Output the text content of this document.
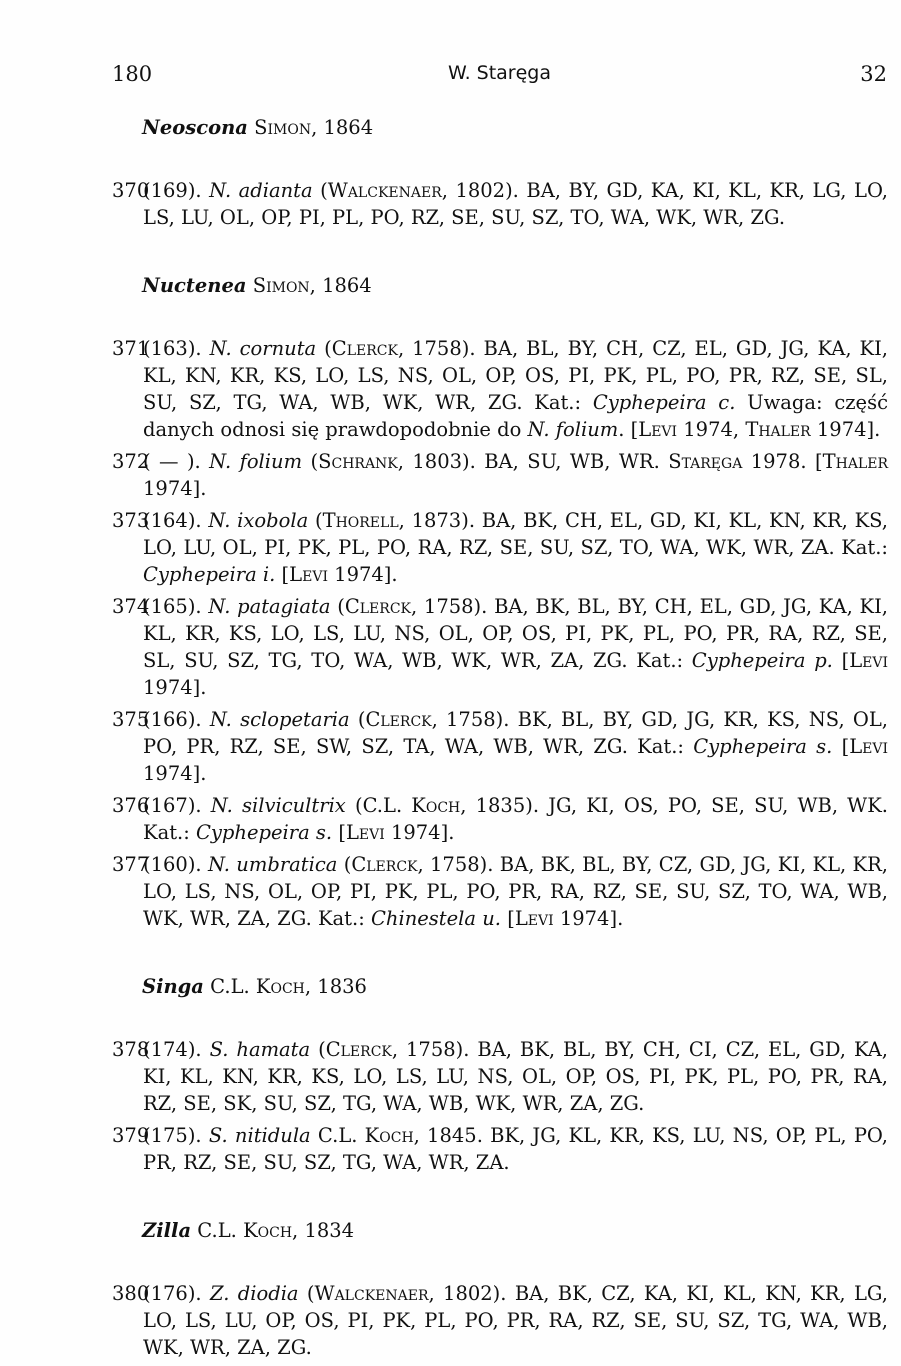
180	W. Staręga	32
Neoscona Simon, 1864
370
(169). N. adianta (Walckenaer, 1802). BA, BY, GD, KA, KI, KL, KR, LG, LO, LS, LU, OL, OP, PI, PL, PO, RZ, SE, SU, SZ, TO, WA, WK, WR, ZG.
Nuctenea Simon, 1864
371
(163). N. cornuta (Clerck, 1758). BA, BL, BY, CH, CZ, EL, GD, JG, KA, KI, KL, KN, KR, KS, LO, LS, NS, OL, OP, OS, PI, PK, PL, PO, PR, RZ, SE, SL, SU, SZ, TG, WA, WB, WK, WR, ZG. Kat.: Cyphepeira c. Uwaga: część danych odnosi się prawdopodobnie do N. folium. [Levi 1974, Thaler 1974].
372
( — ). N. folium (Schrank, 1803). BA, SU, WB, WR. Staręga 1978. [Thaler 1974].
373
(164). N. ixobola (Thorell, 1873). BA, BK, CH, EL, GD, KI, KL, KN, KR, KS, LO, LU, OL, PI, PK, PL, PO, RA, RZ, SE, SU, SZ, TO, WA, WK, WR, ZA. Kat.: Cyphepeira i. [Levi 1974].
374
(165). N. patagiata (Clerck, 1758). BA, BK, BL, BY, CH, EL, GD, JG, KA, KI, KL, KR, KS, LO, LS, LU, NS, OL, OP, OS, PI, PK, PL, PO, PR, RA, RZ, SE, SL, SU, SZ, TG, TO, WA, WB, WK, WR, ZA, ZG. Kat.: Cyphepeira p. [Levi 1974].
375
(166). N. sclopetaria (Clerck, 1758). BK, BL, BY, GD, JG, KR, KS, NS, OL, PO, PR, RZ, SE, SW, SZ, TA, WA, WB, WR, ZG. Kat.: Cyphepeira s. [Levi 1974].
376
(167). N. silvicultrix (C.L. Koch, 1835). JG, KI, OS, PO, SE, SU, WB, WK. Kat.: Cyphepeira s. [Levi 1974].
377
(160). N. umbratica (Clerck, 1758). BA, BK, BL, BY, CZ, GD, JG, KI, KL, KR, LO, LS, NS, OL, OP, PI, PK, PL, PO, PR, RA, RZ, SE, SU, SZ, TO, WA, WB, WK, WR, ZA, ZG. Kat.: Chinestela u. [Levi 1974].
Singa C.L. Koch, 1836
378
(174). S. hamata (Clerck, 1758). BA, BK, BL, BY, CH, CI, CZ, EL, GD, KA, KI, KL, KN, KR, KS, LO, LS, LU, NS, OL, OP, OS, PI, PK, PL, PO, PR, RA, RZ, SE, SK, SU, SZ, TG, WA, WB, WK, WR, ZA, ZG.
379
(175). S. nitidula C.L. Koch, 1845. BK, JG, KL, KR, KS, LU, NS, OP, PL, PO, PR, RZ, SE, SU, SZ, TG, WA, WR, ZA.
Zilla C.L. Koch, 1834
380
(176). Z. diodia (Walckenaer, 1802). BA, BK, CZ, KA, KI, KL, KN, KR, LG, LO, LS, LU, OP, OS, PI, PK, PL, PO, PR, RA, RZ, SE, SU, SZ, TG, WA, WB, WK, WR, ZA, ZG.
